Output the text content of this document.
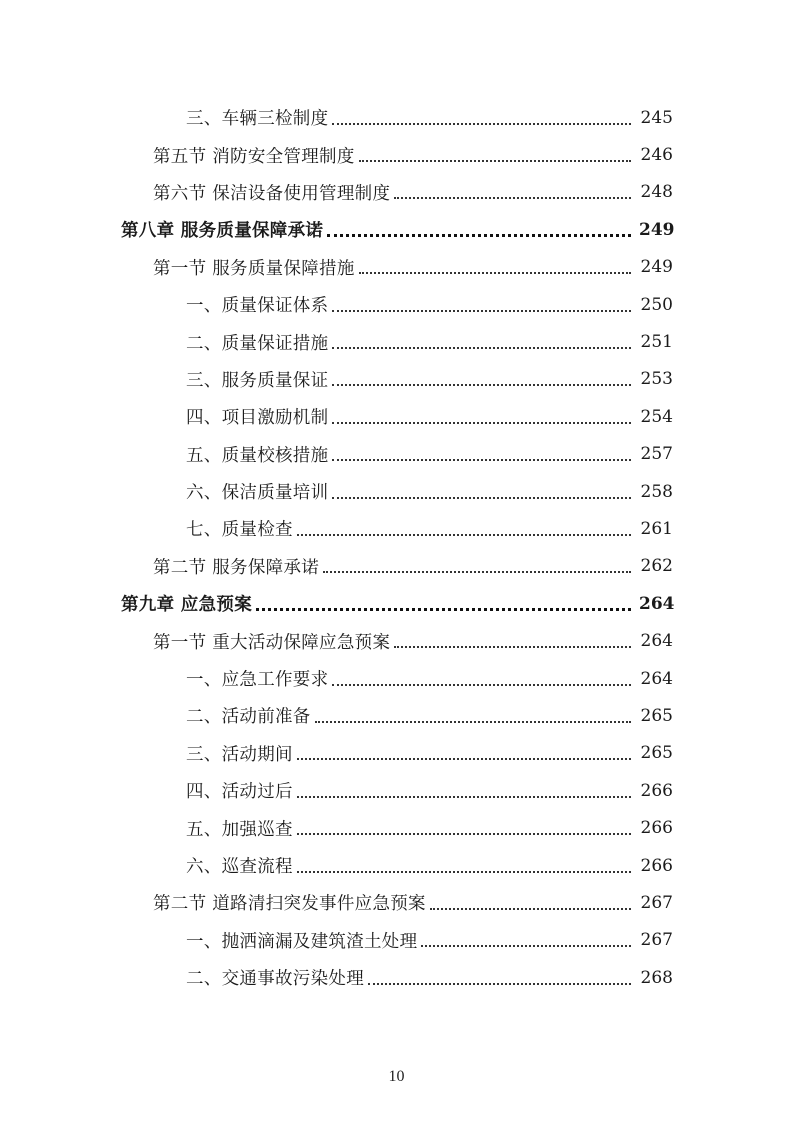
三、车辆三检制度	245
第五节 消防安全管理制度	246
第六节 保洁设备使用管理制度	248
第八章 服务质量保障承诺	249
第一节 服务质量保障措施	249
一、质量保证体系	250
二、质量保证措施	251
三、服务质量保证	253
四、项目激励机制	254
五、质量校核措施	257
六、保洁质量培训	258
七、质量检查	261
第二节 服务保障承诺	262
第九章 应急预案	264
第一节 重大活动保障应急预案	264
一、应急工作要求	264
二、活动前准备	265
三、活动期间	265
四、活动过后	266
五、加强巡查	266
六、巡查流程	266
第二节 道路清扫突发事件应急预案	267
一、抛洒滴漏及建筑渣土处理	267
二、交通事故污染处理	268
10
